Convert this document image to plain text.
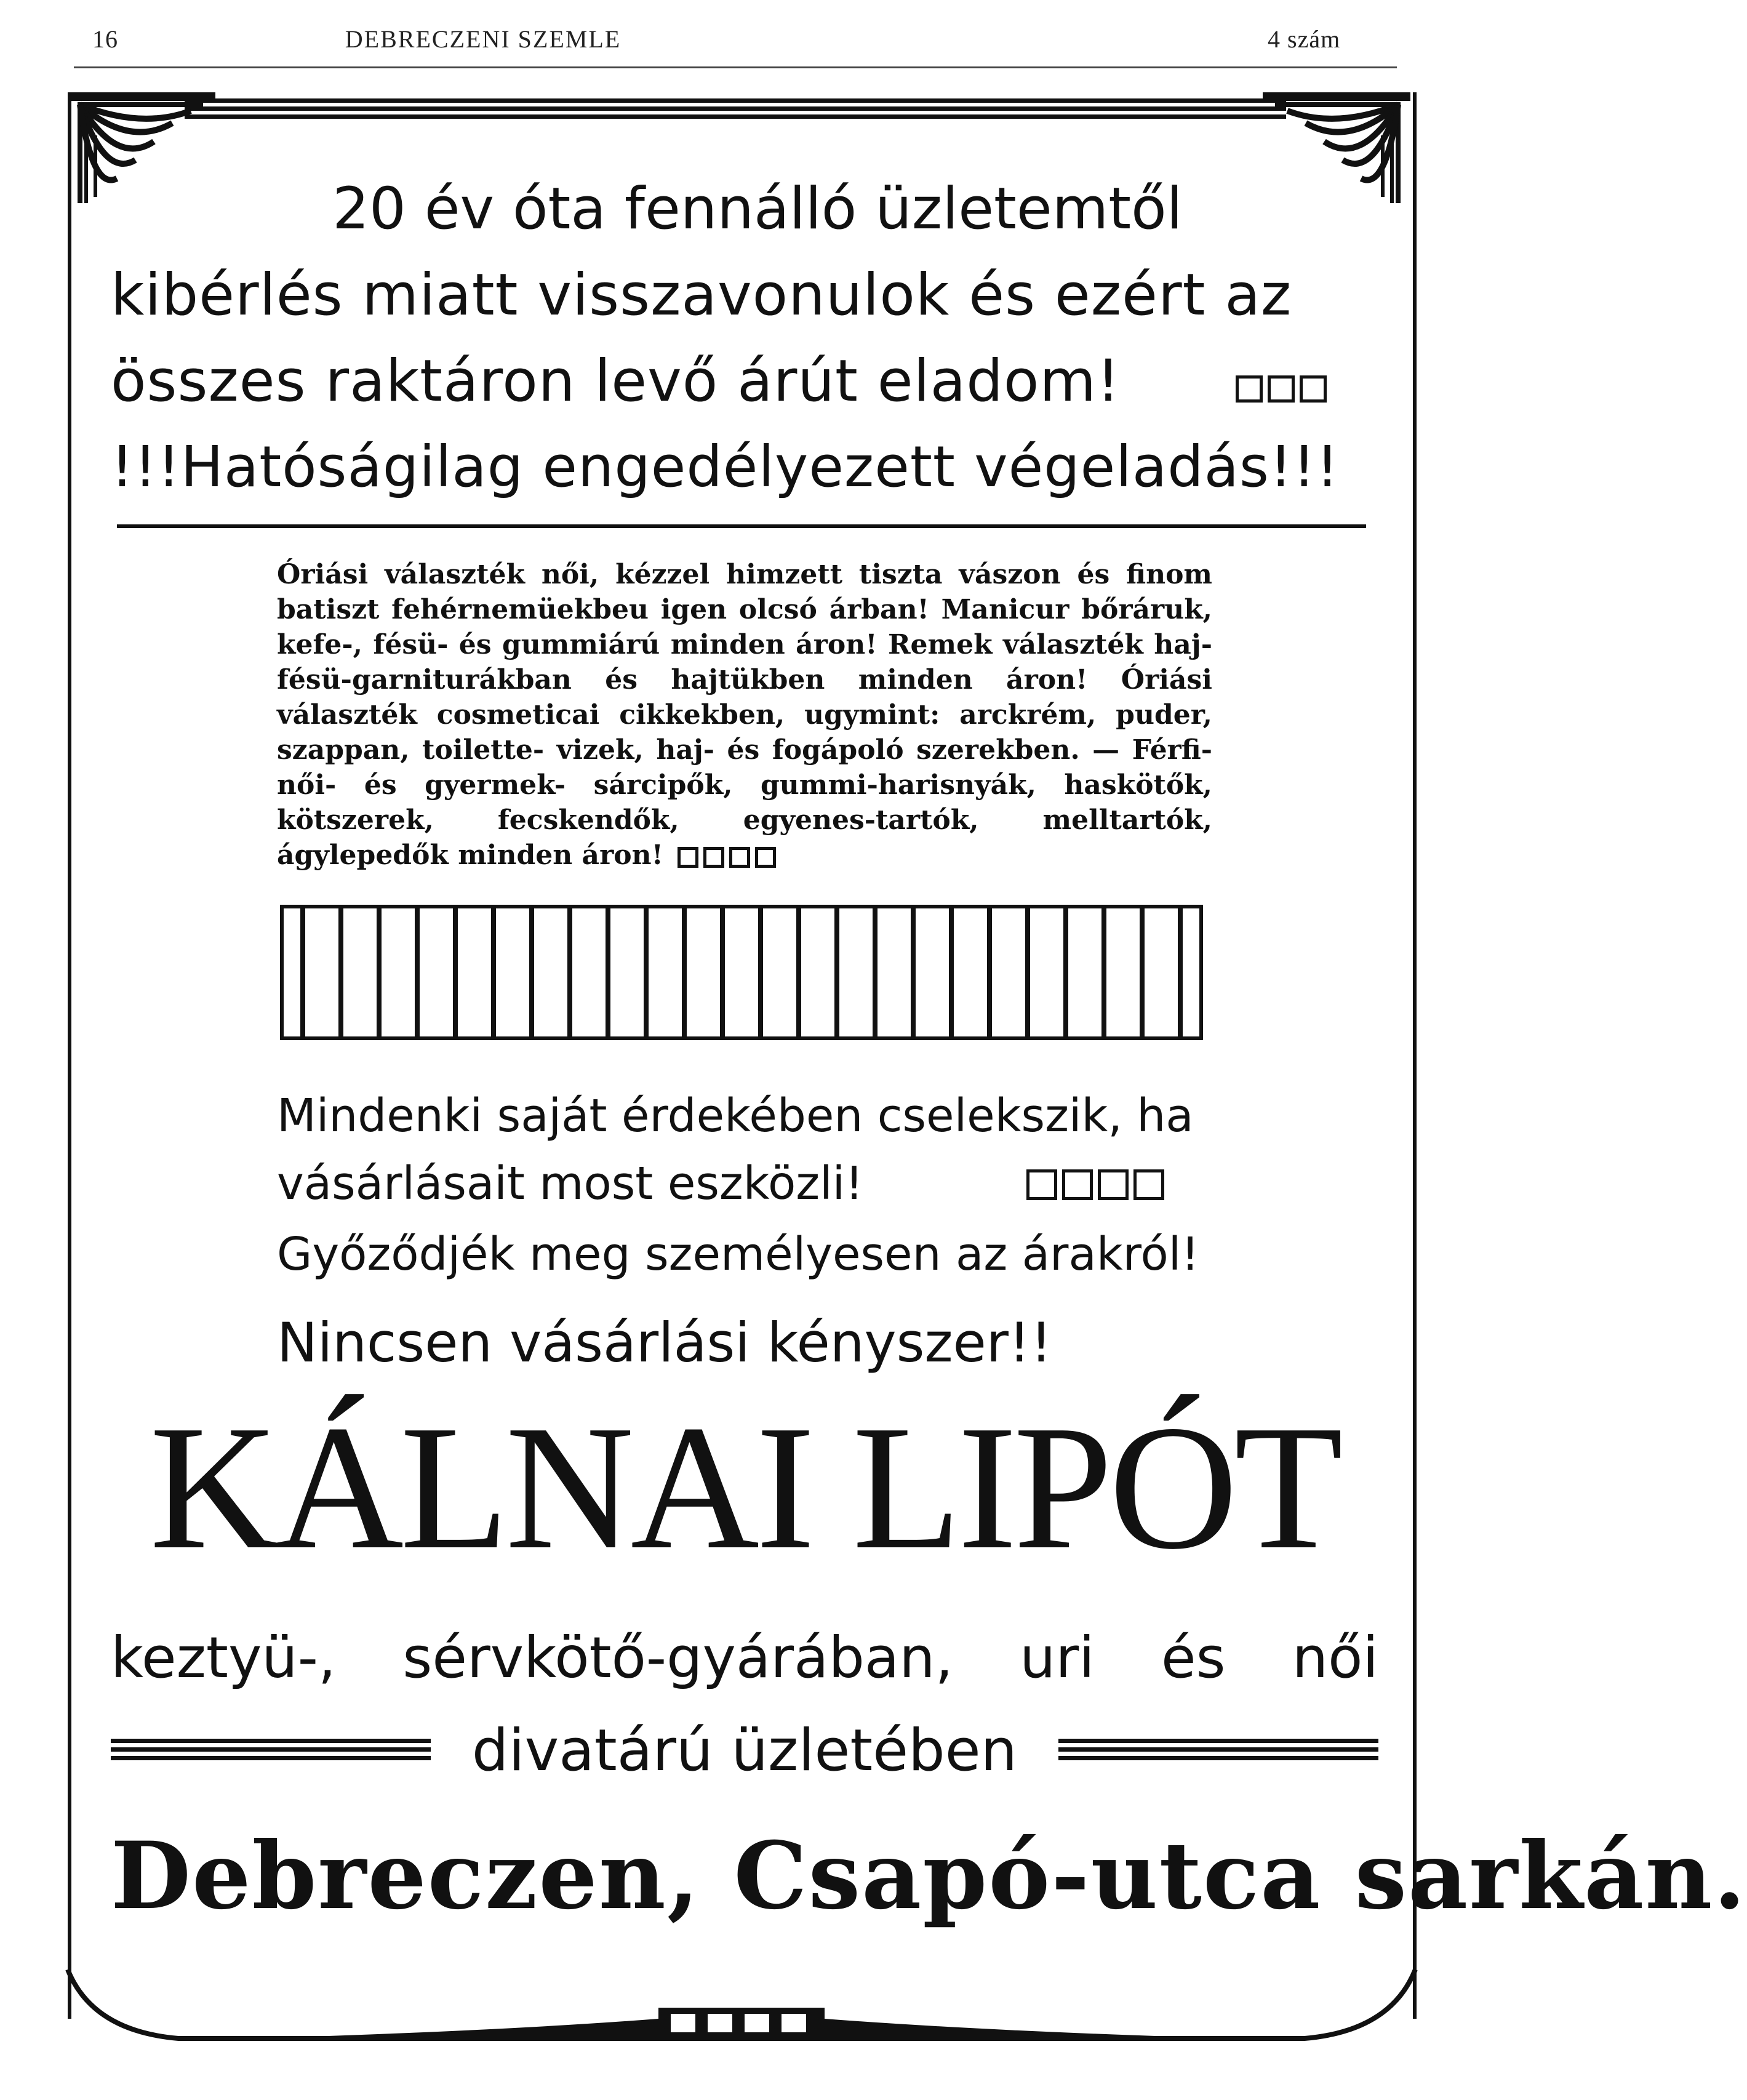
16	DEBRECZENI SZEMLE	4 szám
20 év óta fennálló üzletemtől
kibérlés miatt visszavonulok és ezért az
összes raktáron levő árút eladom!
!!!Hatóságilag engedélyezett végeladás!!!
Óriási választék női, kézzel himzett tiszta vászon és finom batiszt fehérnemüekbeu igen olcsó árban! Manicur bőráruk, kefe-, fésü- és gummiárú minden áron! Remek választék haj- fésü-garniturákban és hajtükben minden áron! Óriási választék cosmeticai cikkekben, ugymint: arckrém, puder, szappan, toilette- vizek, haj- és fogápoló szerekben. — Férfi- női- és gyermek- sárcipők, gummi-harisnyák, haskötők, kötszerek, fecskendők, egyenes-tartók, melltartók, ágylepedők minden áron!
Mindenki saját érdekében cselekszik, ha
vásárlásait most eszközli!
Győződjék meg személyesen az árakról!
Nincsen vásárlási kényszer!!
KÁLNAI LIPÓT
keztyü-, sérvkötő-gyárában, uri és női
divatárú üzletében
Debreczen, Csapó-utca sarkán.
